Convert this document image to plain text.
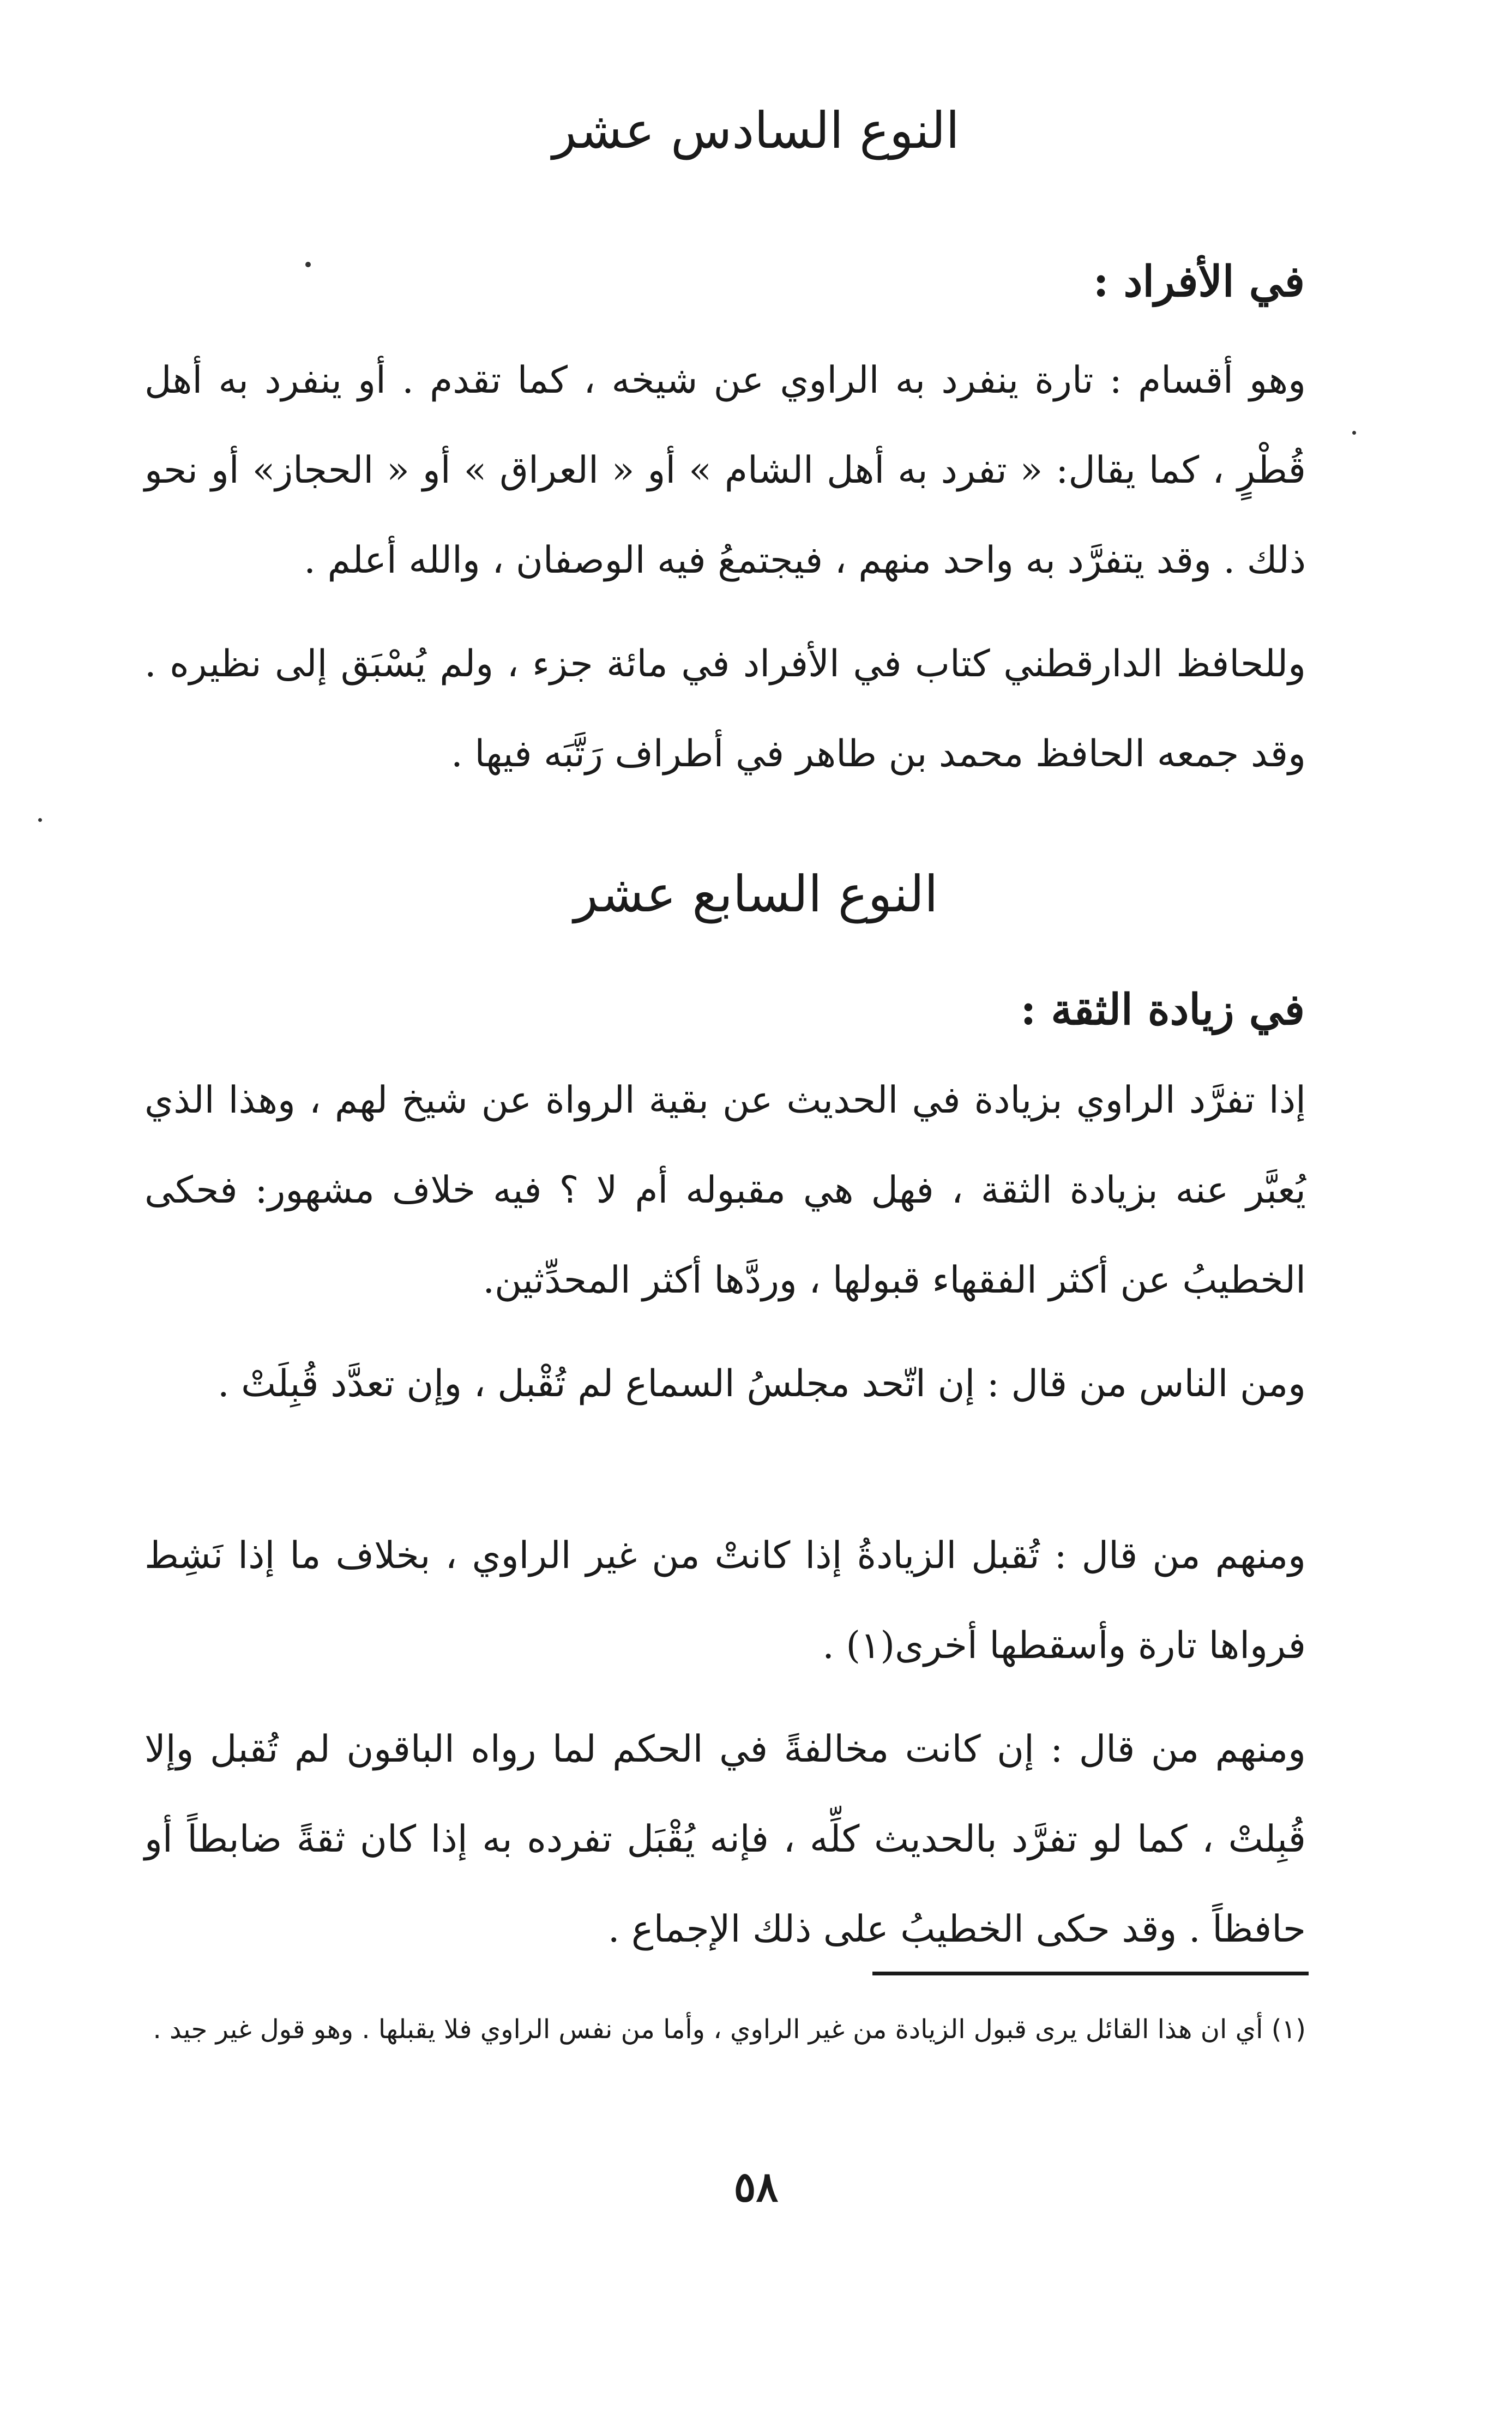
النوع السادس عشر
في الأفراد :
وهو أقسام : تارة ينفرد به الراوي عن شيخه ، كما تقدم . أو ينفرد به أهل قُطْرٍ ، كما يقال: « تفرد به أهل الشام » أو « العراق » أو « الحجاز» أو نحو ذلك . وقد يتفرَّد به واحد منهم ، فيجتمعُ فيه الوصفان ، والله أعلم .
وللحافظ الدارقطني كتاب في الأفراد في مائة جزء ، ولم يُسْبَق إلى نظيره . وقد جمعه الحافظ محمد بن طاهر في أطراف رَتَّبَه فيها .
النوع السابع عشر
في زيادة الثقة :
إذا تفرَّد الراوي بزيادة في الحديث عن بقية الرواة عن شيخ لهم ، وهذا الذي يُعبَّر عنه بزيادة الثقة ، فهل هي مقبوله أم لا ؟ فيه خلاف مشهور: فحكى الخطيبُ عن أكثر الفقهاء قبولها ، وردَّها أكثر المحدِّثين.
ومن الناس من قال : إن اتّحد مجلسُ السماع لم تُقْبل ، وإن تعدَّد قُبِلَتْ .
ومنهم من قال : تُقبل الزيادةُ إذا كانتْ من غير الراوي ، بخلاف ما إذا نَشِط فرواها تارة وأسقطها أخرى(١) .
ومنهم من قال : إن كانت مخالفةً في الحكم لما رواه الباقون لم تُقبل وإلا قُبِلتْ ، كما لو تفرَّد بالحديث كلِّه ، فإنه يُقْبَل تفرده به إذا كان ثقةً ضابطاً أو حافظاً . وقد حكى الخطيبُ على ذلك الإجماع .
(١) أي ان هذا القائل يرى قبول الزيادة من غير الراوي ، وأما من نفس الراوي فلا يقبلها . وهو قول غير جيد .
٥٨
